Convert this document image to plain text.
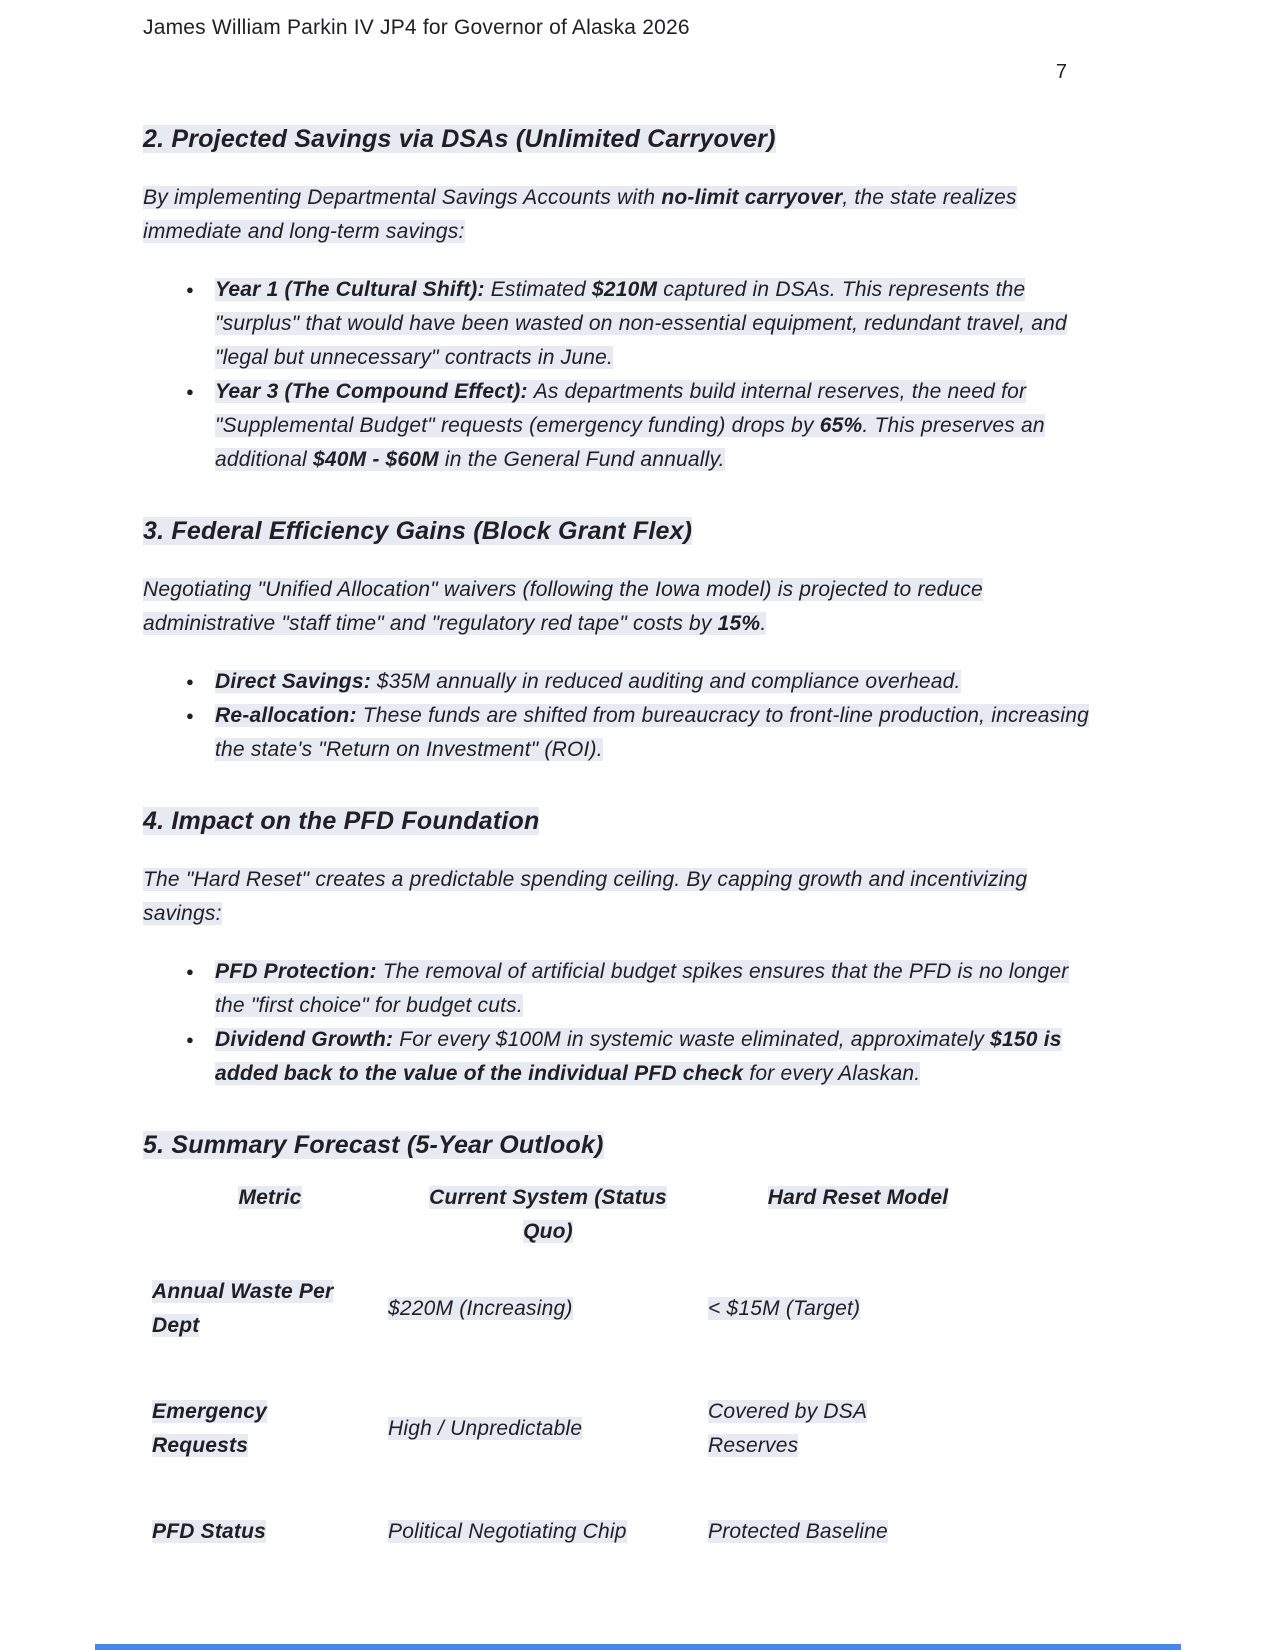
James William Parkin IV JP4 for Governor of Alaska 2026
7
2. Projected Savings via DSAs (Unlimited Carryover)

By implementing Departmental Savings Accounts with no-limit carryover, the state realizes immediate and long-term savings:

● Year 1 (The Cultural Shift): Estimated $210M captured in DSAs. This represents the "surplus" that would have been wasted on non-essential equipment, redundant travel, and "legal but unnecessary" contracts in June.
● Year 3 (The Compound Effect): As departments build internal reserves, the need for "Supplemental Budget" requests (emergency funding) drops by 65%. This preserves an additional $40M - $60M in the General Fund annually.
3. Federal Efficiency Gains (Block Grant Flex)

Negotiating "Unified Allocation" waivers (following the Iowa model) is projected to reduce administrative "staff time" and "regulatory red tape" costs by 15%.

● Direct Savings: $35M annually in reduced auditing and compliance overhead.
● Re-allocation: These funds are shifted from bureaucracy to front-line production, increasing the state's "Return on Investment" (ROI).
4. Impact on the PFD Foundation

The "Hard Reset" creates a predictable spending ceiling. By capping growth and incentivizing savings:

● PFD Protection: The removal of artificial budget spikes ensures that the PFD is no longer the "first choice" for budget cuts.
● Dividend Growth: For every $100M in systemic waste eliminated, approximately $150 is added back to the value of the individual PFD check for every Alaskan.
5. Summary Forecast (5-Year Outlook)
Metric	Current System (Status Quo)	Hard Reset Model
Annual Waste Per Dept	$220M (Increasing)	< $15M (Target)
Emergency Requests	High / Unpredictable	Covered by DSA Reserves
PFD Status	Political Negotiating Chip	Protected Baseline
